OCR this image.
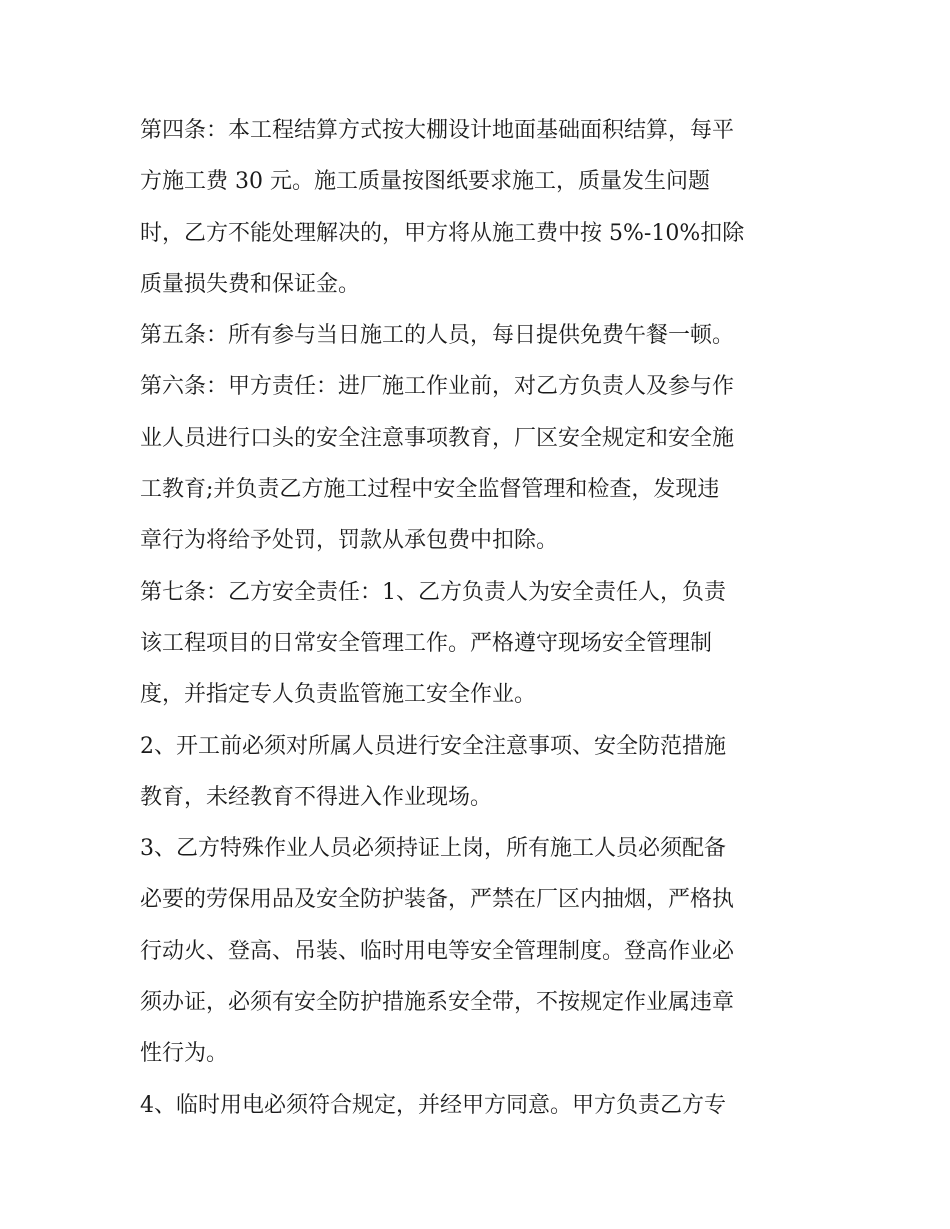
第四条：本工程结算方式按大棚设计地面基础面积结算，每平
方施工费 30 元。施工质量按图纸要求施工，质量发生问题
时，乙方不能处理解决的，甲方将从施工费中按 5%-10%扣除
质量损失费和保证金。
第五条：所有参与当日施工的人员，每日提供免费午餐一顿。
第六条：甲方责任：进厂施工作业前，对乙方负责人及参与作
业人员进行口头的安全注意事项教育，厂区安全规定和安全施
工教育;并负责乙方施工过程中安全监督管理和检查，发现违
章行为将给予处罚，罚款从承包费中扣除。
第七条：乙方安全责任：1、乙方负责人为安全责任人，负责
该工程项目的日常安全管理工作。严格遵守现场安全管理制
度，并指定专人负责监管施工安全作业。
2、开工前必须对所属人员进行安全注意事项、安全防范措施
教育，未经教育不得进入作业现场。
3、乙方特殊作业人员必须持证上岗，所有施工人员必须配备
必要的劳保用品及安全防护装备，严禁在厂区内抽烟，严格执
行动火、登高、吊装、临时用电等安全管理制度。登高作业必
须办证，必须有安全防护措施系安全带，不按规定作业属违章
性行为。
4、临时用电必须符合规定，并经甲方同意。甲方负责乙方专
